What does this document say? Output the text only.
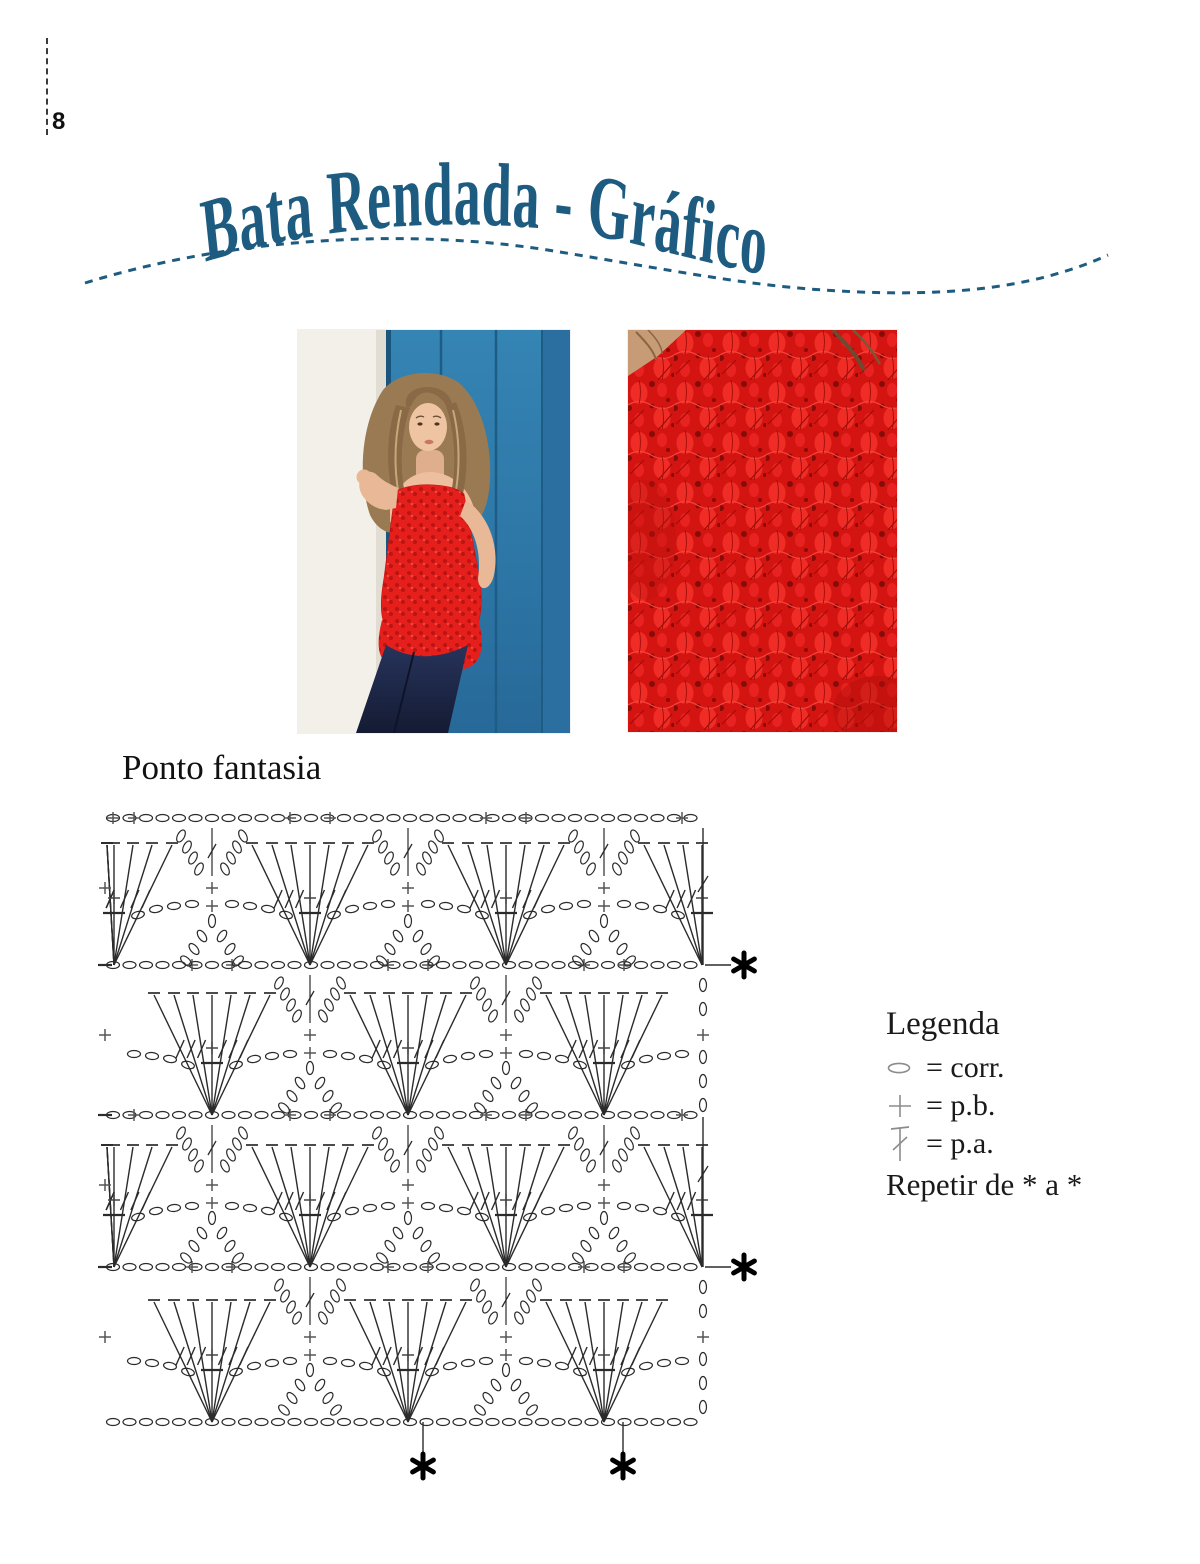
8
Bata Rendada - Gráfico
Ponto fantasia
Legenda
= corr.
= p.b.
= p.a.
Repetir de * a *
